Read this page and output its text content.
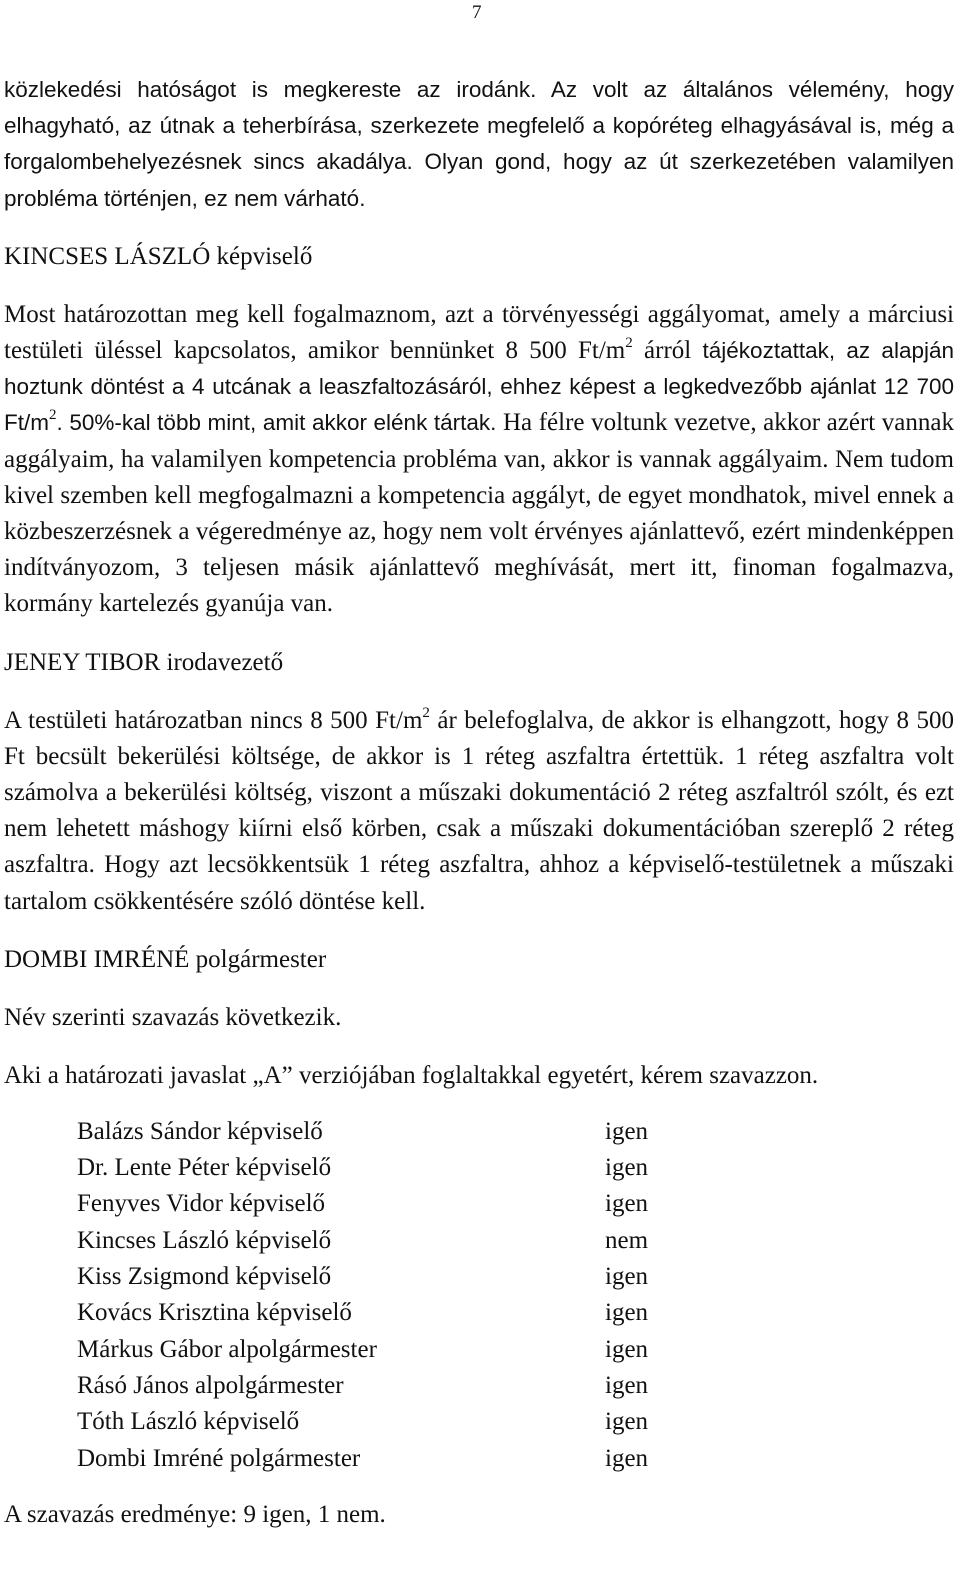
7

közlekedési hatóságot is megkereste az irodánk. Az volt az általános vélemény, hogy elhagyható, az útnak a teherbírása, szerkezete megfelelő a kopóréteg elhagyásával is, még a forgalombehelyezésnek sincs akadálya. Olyan gond, hogy az út szerkezetében valamilyen probléma történjen, ez nem várható.

KINCSES LÁSZLÓ képviselő

Most határozottan meg kell fogalmaznom, azt a törvényességi aggályomat, amely a márciusi testületi üléssel kapcsolatos, amikor bennünket 8 500 $Ft/m^2$ árról tájékoztattak, az alapján hoztunk döntést a 4 utcának a leaszfaltozásáról, ehhez képest a legkedvezőbb ajánlat 12 700 $Ft/m^2$. 50%-kal több mint, amit akkor elénk tártak. Ha félre voltunk vezetve, akkor azért vannak aggályaim, ha valamilyen kompetencia probléma van, akkor is vannak aggályaim. Nem tudom kivel szemben kell megfogalmazni a kompetencia aggályt, de egyet mondhatok, mivel ennek a közbeszerzésnek a végeredménye az, hogy nem volt érvényes ajánlattevő, ezért mindenképpen indítványozom, 3 teljesen másik ajánlattevő meghívását, mert itt, finoman fogalmazva, kormány kartelezés gyanúja van.

JENEY TIBOR irodavezető

A testületi határozatban nincs 8 500 $Ft/m^2$ ár belefoglalva, de akkor is elhangzott, hogy 8 500 Ft becsült bekerülési költsége, de akkor is 1 réteg aszfaltra értettük. 1 réteg aszfaltra volt számolva a bekerülési költség, viszont a műszaki dokumentáció 2 réteg aszfaltról szólt, és ezt nem lehetett máshogy kiírni első körben, csak a műszaki dokumentációban szereplő 2 réteg aszfaltra. Hogy azt lecsökkentsük 1 réteg aszfaltra, ahhoz a képviselő-testületnek a műszaki tartalom csökkentésére szóló döntése kell.

DOMBI IMRÉNÉ polgármester

Név szerinti szavazás következik.

Aki a határozati javaslat „A” verziójában foglaltakkal egyetért, kérem szavazzon.

Balázs Sándor képviselő	igen
Dr. Lente Péter képviselő	igen
Fenyves Vidor képviselő	igen
Kincses László képviselő	nem
Kiss Zsigmond képviselő	igen
Kovács Krisztina képviselő	igen
Márkus Gábor alpolgármester	igen
Rásó János alpolgármester	igen
Tóth László képviselő	igen
Dombi Imréné polgármester	igen

A szavazás eredménye: 9 igen, 1 nem.
